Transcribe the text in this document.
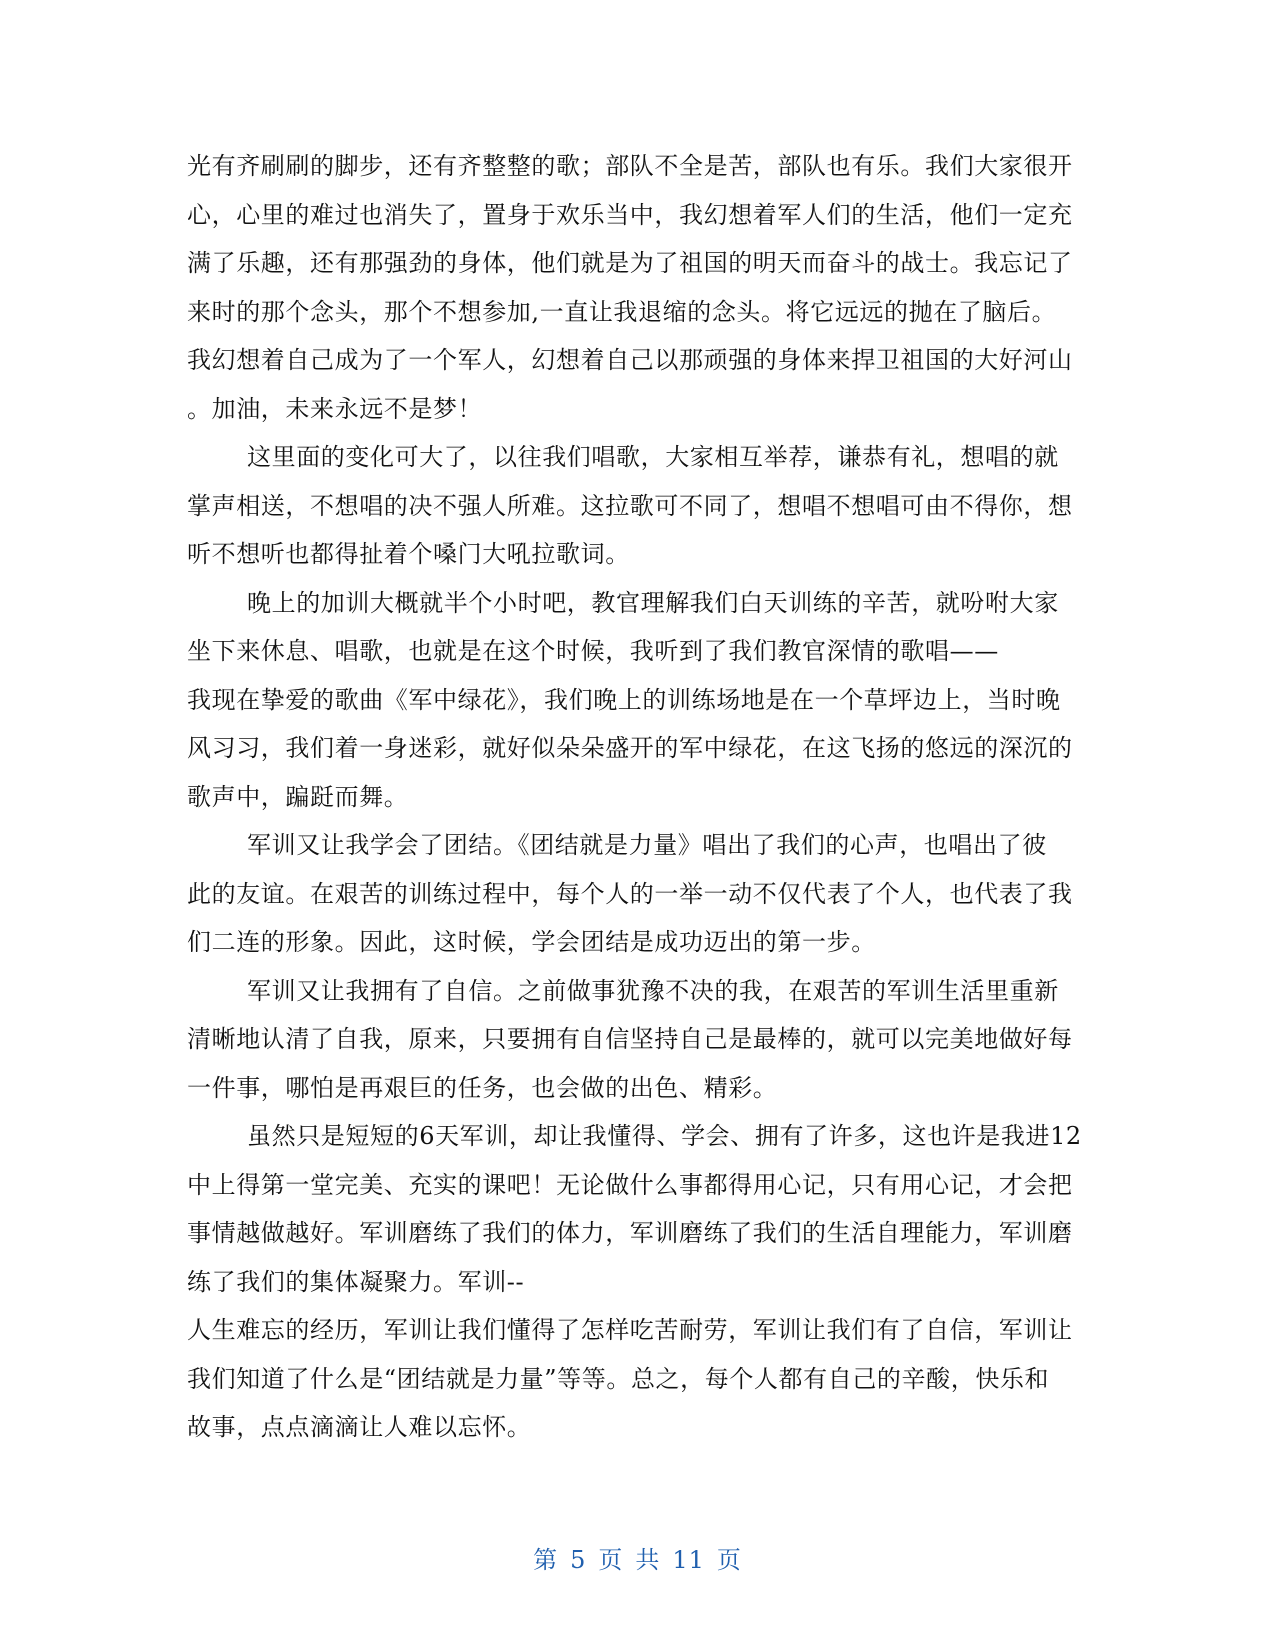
光有齐刷刷的脚步，还有齐整整的歌；部队不全是苦，部队也有乐。我们大家很开
心，心里的难过也消失了，置身于欢乐当中，我幻想着军人们的生活，他们一定充
满了乐趣，还有那强劲的身体，他们就是为了祖国的明天而奋斗的战士。我忘记了
来时的那个念头，那个不想参加,一直让我退缩的念头。将它远远的抛在了脑后。
我幻想着自己成为了一个军人，幻想着自己以那顽强的身体来捍卫祖国的大好河山
。加油，未来永远不是梦！
这里面的变化可大了，以往我们唱歌，大家相互举荐，谦恭有礼，想唱的就
掌声相送，不想唱的决不强人所难。这拉歌可不同了，想唱不想唱可由不得你，想
听不想听也都得扯着个嗓门大吼拉歌词。
晚上的加训大概就半个小时吧，教官理解我们白天训练的辛苦，就吩咐大家
坐下来休息、唱歌，也就是在这个时候，我听到了我们教官深情的歌唱——
我现在挚爱的歌曲《军中绿花》，我们晚上的训练场地是在一个草坪边上，当时晚
风习习，我们着一身迷彩，就好似朵朵盛开的军中绿花，在这飞扬的悠远的深沉的
歌声中，蹁跹而舞。
军训又让我学会了团结。《团结就是力量》唱出了我们的心声，也唱出了彼
此的友谊。在艰苦的训练过程中，每个人的一举一动不仅代表了个人，也代表了我
们二连的形象。因此，这时候，学会团结是成功迈出的第一步。
军训又让我拥有了自信。之前做事犹豫不决的我，在艰苦的军训生活里重新
清晰地认清了自我，原来，只要拥有自信坚持自己是最棒的，就可以完美地做好每
一件事，哪怕是再艰巨的任务，也会做的出色、精彩。
虽然只是短短的6天军训，却让我懂得、学会、拥有了许多，这也许是我进12
中上得第一堂完美、充实的课吧！无论做什么事都得用心记，只有用心记，才会把
事情越做越好。军训磨练了我们的体力，军训磨练了我们的生活自理能力，军训磨
练了我们的集体凝聚力。军训--
人生难忘的经历，军训让我们懂得了怎样吃苦耐劳，军训让我们有了自信，军训让
我们知道了什么是“团结就是力量”等等。总之，每个人都有自己的辛酸，快乐和
故事，点点滴滴让人难以忘怀。
第 5 页 共 11 页
